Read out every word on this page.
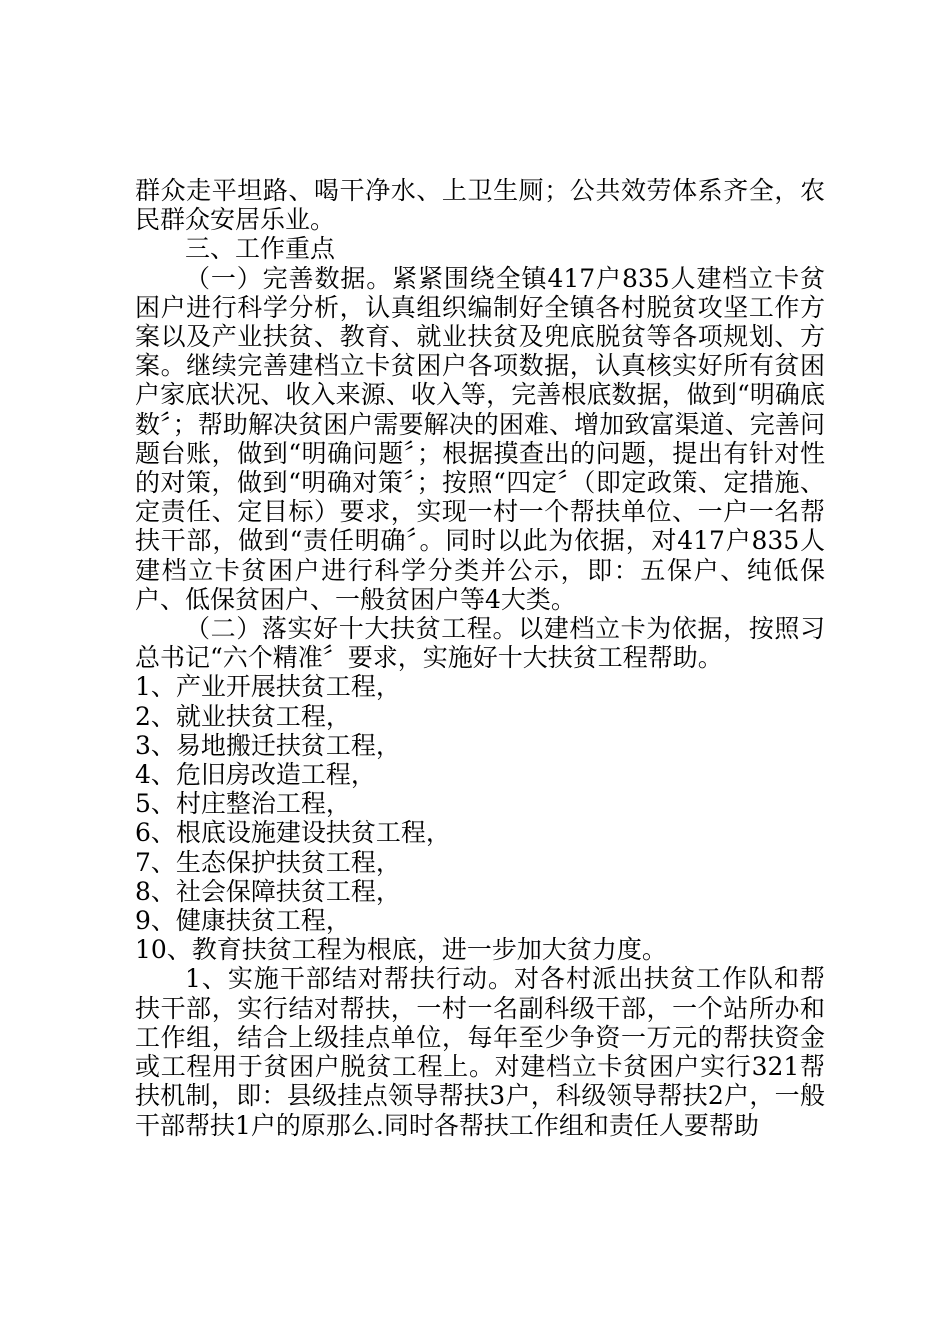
群众走平坦路、喝干净水、上卫生厕；公共效劳体系齐全，农民群众安居乐业。

三、工作重点

（一）完善数据。紧紧围绕全镇417户835人建档立卡贫困户进行科学分析，认真组织编制好全镇各村脱贫攻坚工作方案以及产业扶贫、教育、就业扶贫及兜底脱贫等各项规划、方案。继续完善建档立卡贫困户各项数据，认真核实好所有贫困户家底状况、收入来源、收入等，完善根底数据，做到“明确底数〞；帮助解决贫困户需要解决的困难、增加致富渠道、完善问题台账，做到“明确问题〞；根据摸查出的问题，提出有针对性的对策，做到“明确对策〞；按照“四定〞（即定政策、定措施、定责任、定目标）要求，实现一村一个帮扶单位、一户一名帮扶干部，做到“责任明确〞。同时以此为依据，对417户835人建档立卡贫困户进行科学分类并公示，即：五保户、纯低保户、低保贫困户、一般贫困户等4大类。

（二）落实好十大扶贫工程。以建档立卡为依据，按照习总书记“六个精准〞要求，实施好十大扶贫工程帮助。

1、产业开展扶贫工程，

2、就业扶贫工程，

3、易地搬迁扶贫工程，

4、危旧房改造工程，

5、村庄整治工程，

6、根底设施建设扶贫工程，

7、生态保护扶贫工程，

8、社会保障扶贫工程，

9、健康扶贫工程，

10、教育扶贫工程为根底，进一步加大贫力度。

1、实施干部结对帮扶行动。对各村派出扶贫工作队和帮扶干部，实行结对帮扶，一村一名副科级干部，一个站所办和工作组，结合上级挂点单位，每年至少争资一万元的帮扶资金或工程用于贫困户脱贫工程上。对建档立卡贫困户实行321帮扶机制，即：县级挂点领导帮扶3户，科级领导帮扶2户，一般干部帮扶1户的原那么.同时各帮扶工作组和责任人要帮助
